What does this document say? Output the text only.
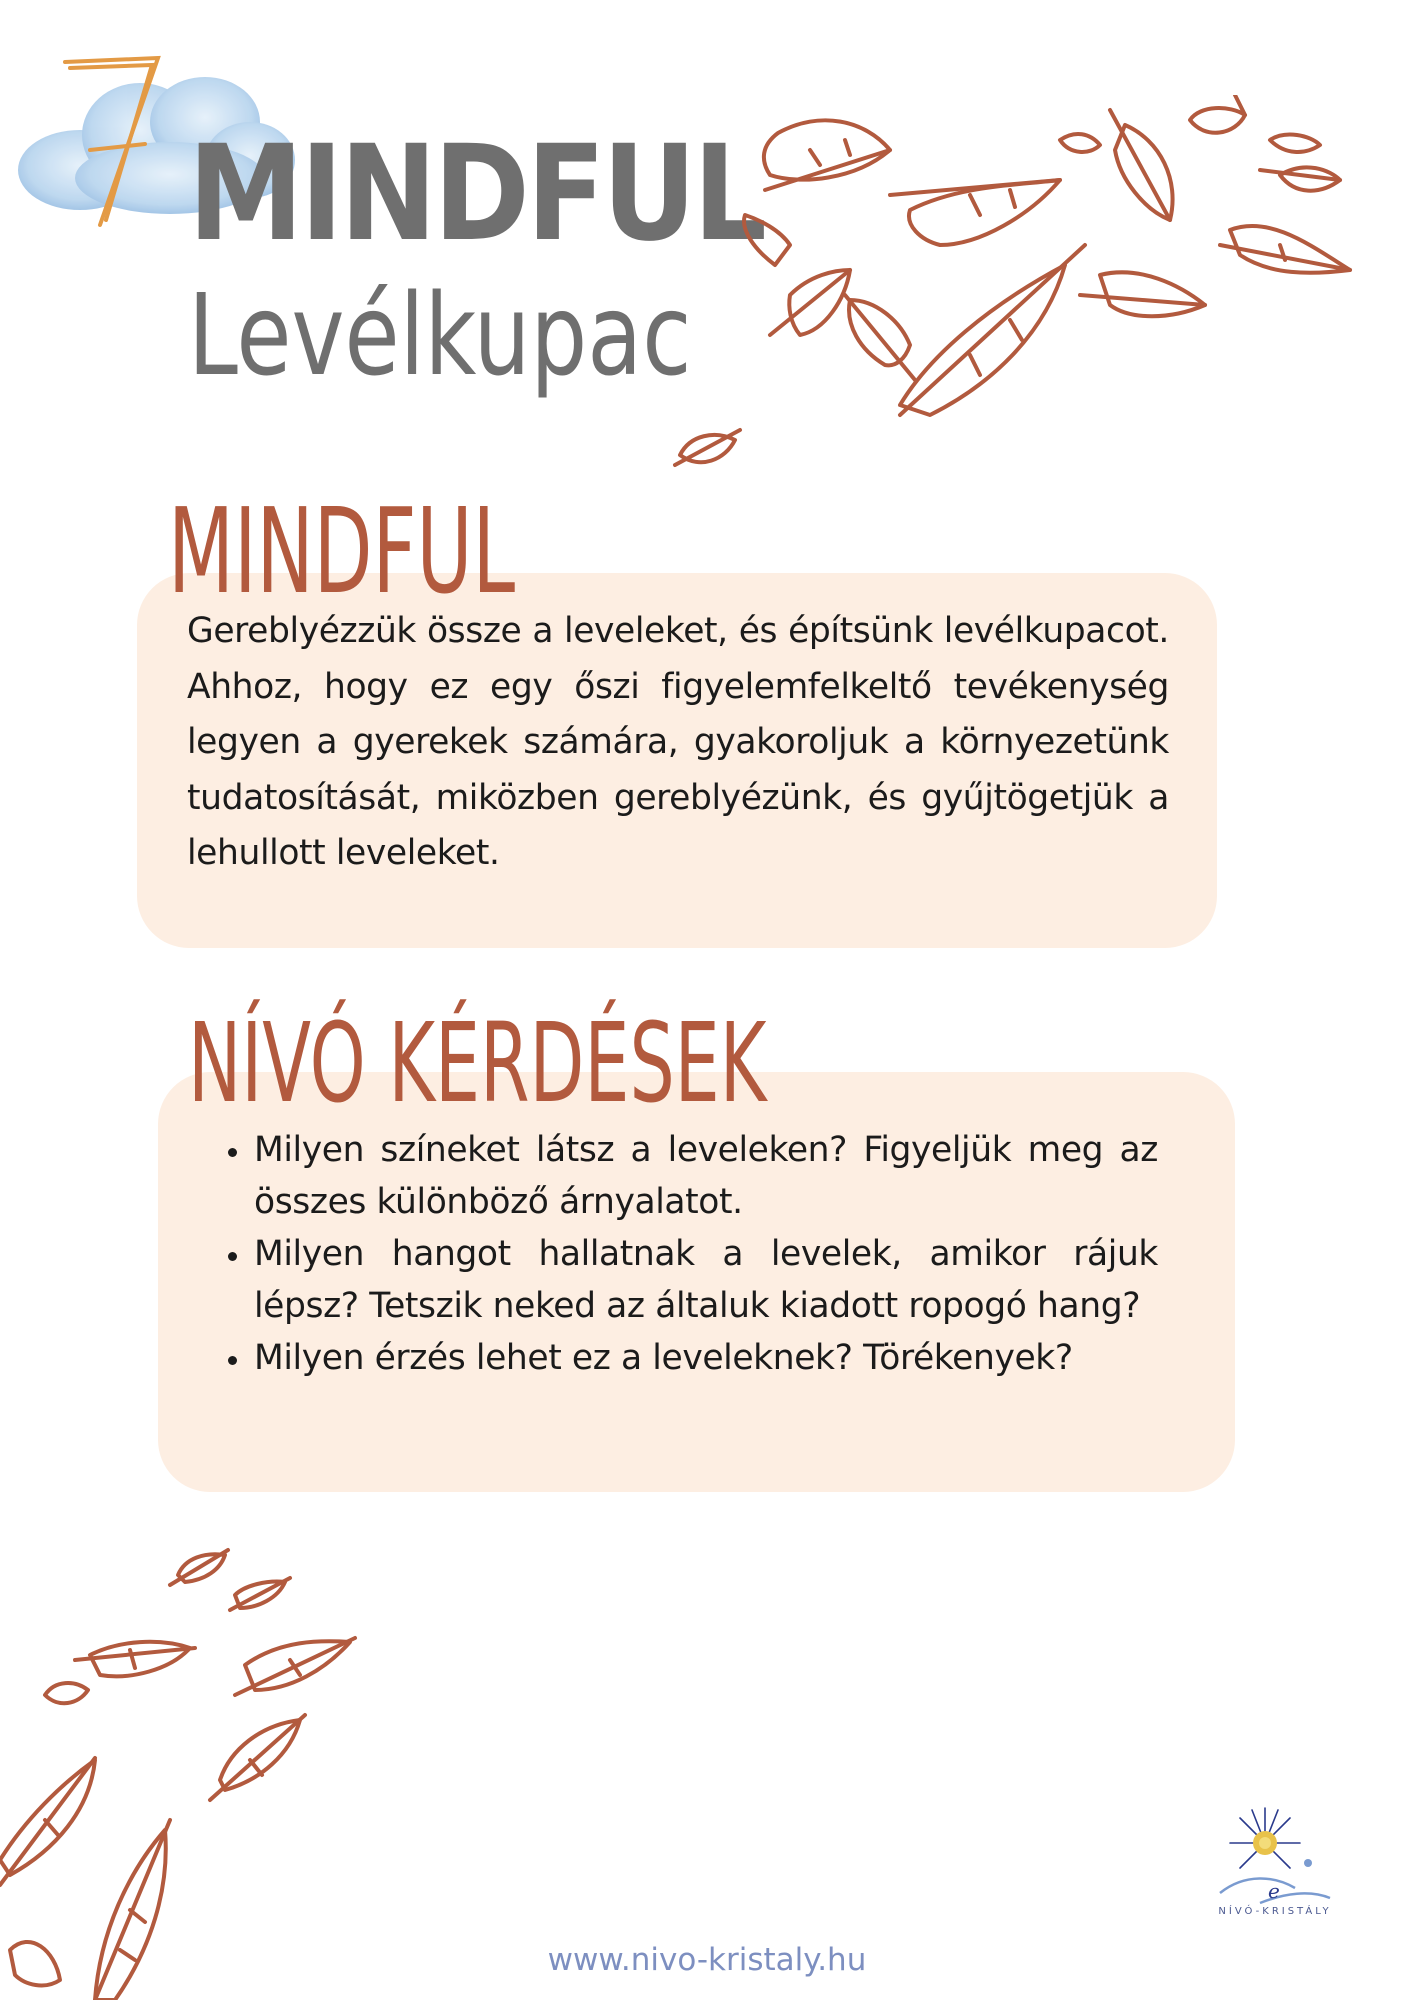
MINDFUL
Levélkupac
MINDFUL

Gereblyézzük össze a leveleket, és építsünk levélkupacot. Ahhoz, hogy ez egy őszi figyelemfelkeltő tevékenység legyen a gyerekek számára, gyakoroljuk a környezetünk tudatosítását, miközben gereblyézünk, és gyűjtögetjük a lehullott leveleket.

NÍVÓ KÉRDÉSEK
• Milyen színeket látsz a leveleken? Figyeljük meg az összes különböző árnyalatot.
• Milyen hangot hallatnak a levelek, amikor rájuk lépsz? Tetszik neked az általuk kiadott ropogó hang?
• Milyen érzés lehet ez a leveleknek? Törékenyek?
e

NÍVÓ-KRISTÁLY

www.nivo-kristaly.hu
